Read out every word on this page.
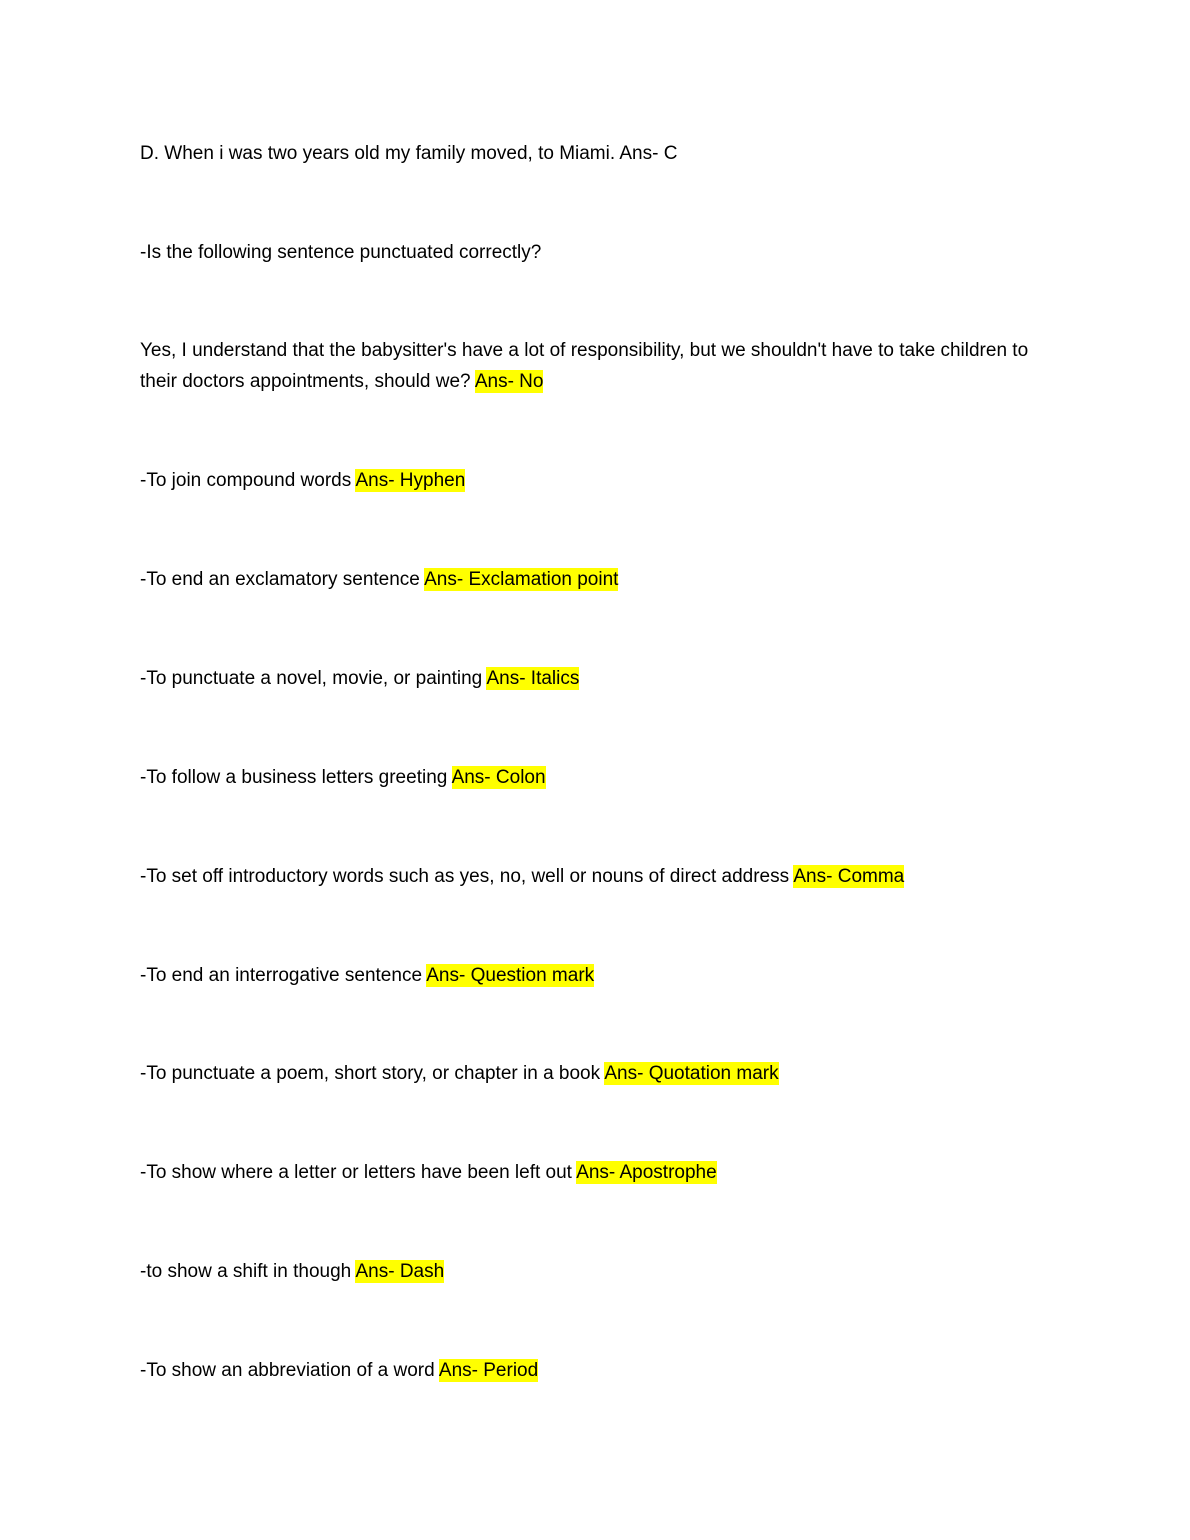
D. When i was two years old my family moved, to Miami. Ans- C
-Is the following sentence punctuated correctly?
Yes, I understand that the babysitter's have a lot of responsibility, but we shouldn't have to take children to their doctors appointments, should we? Ans- No
-To join compound words Ans- Hyphen
-To end an exclamatory sentence Ans- Exclamation point
-To punctuate a novel, movie, or painting Ans- Italics
-To follow a business letters greeting Ans- Colon
-To set off introductory words such as yes, no, well or nouns of direct address Ans- Comma
-To end an interrogative sentence Ans- Question mark
-To punctuate a poem, short story, or chapter in a book Ans- Quotation mark
-To show where a letter or letters have been left out Ans- Apostrophe
-to show a shift in though Ans- Dash
-To show an abbreviation of a word Ans- Period
